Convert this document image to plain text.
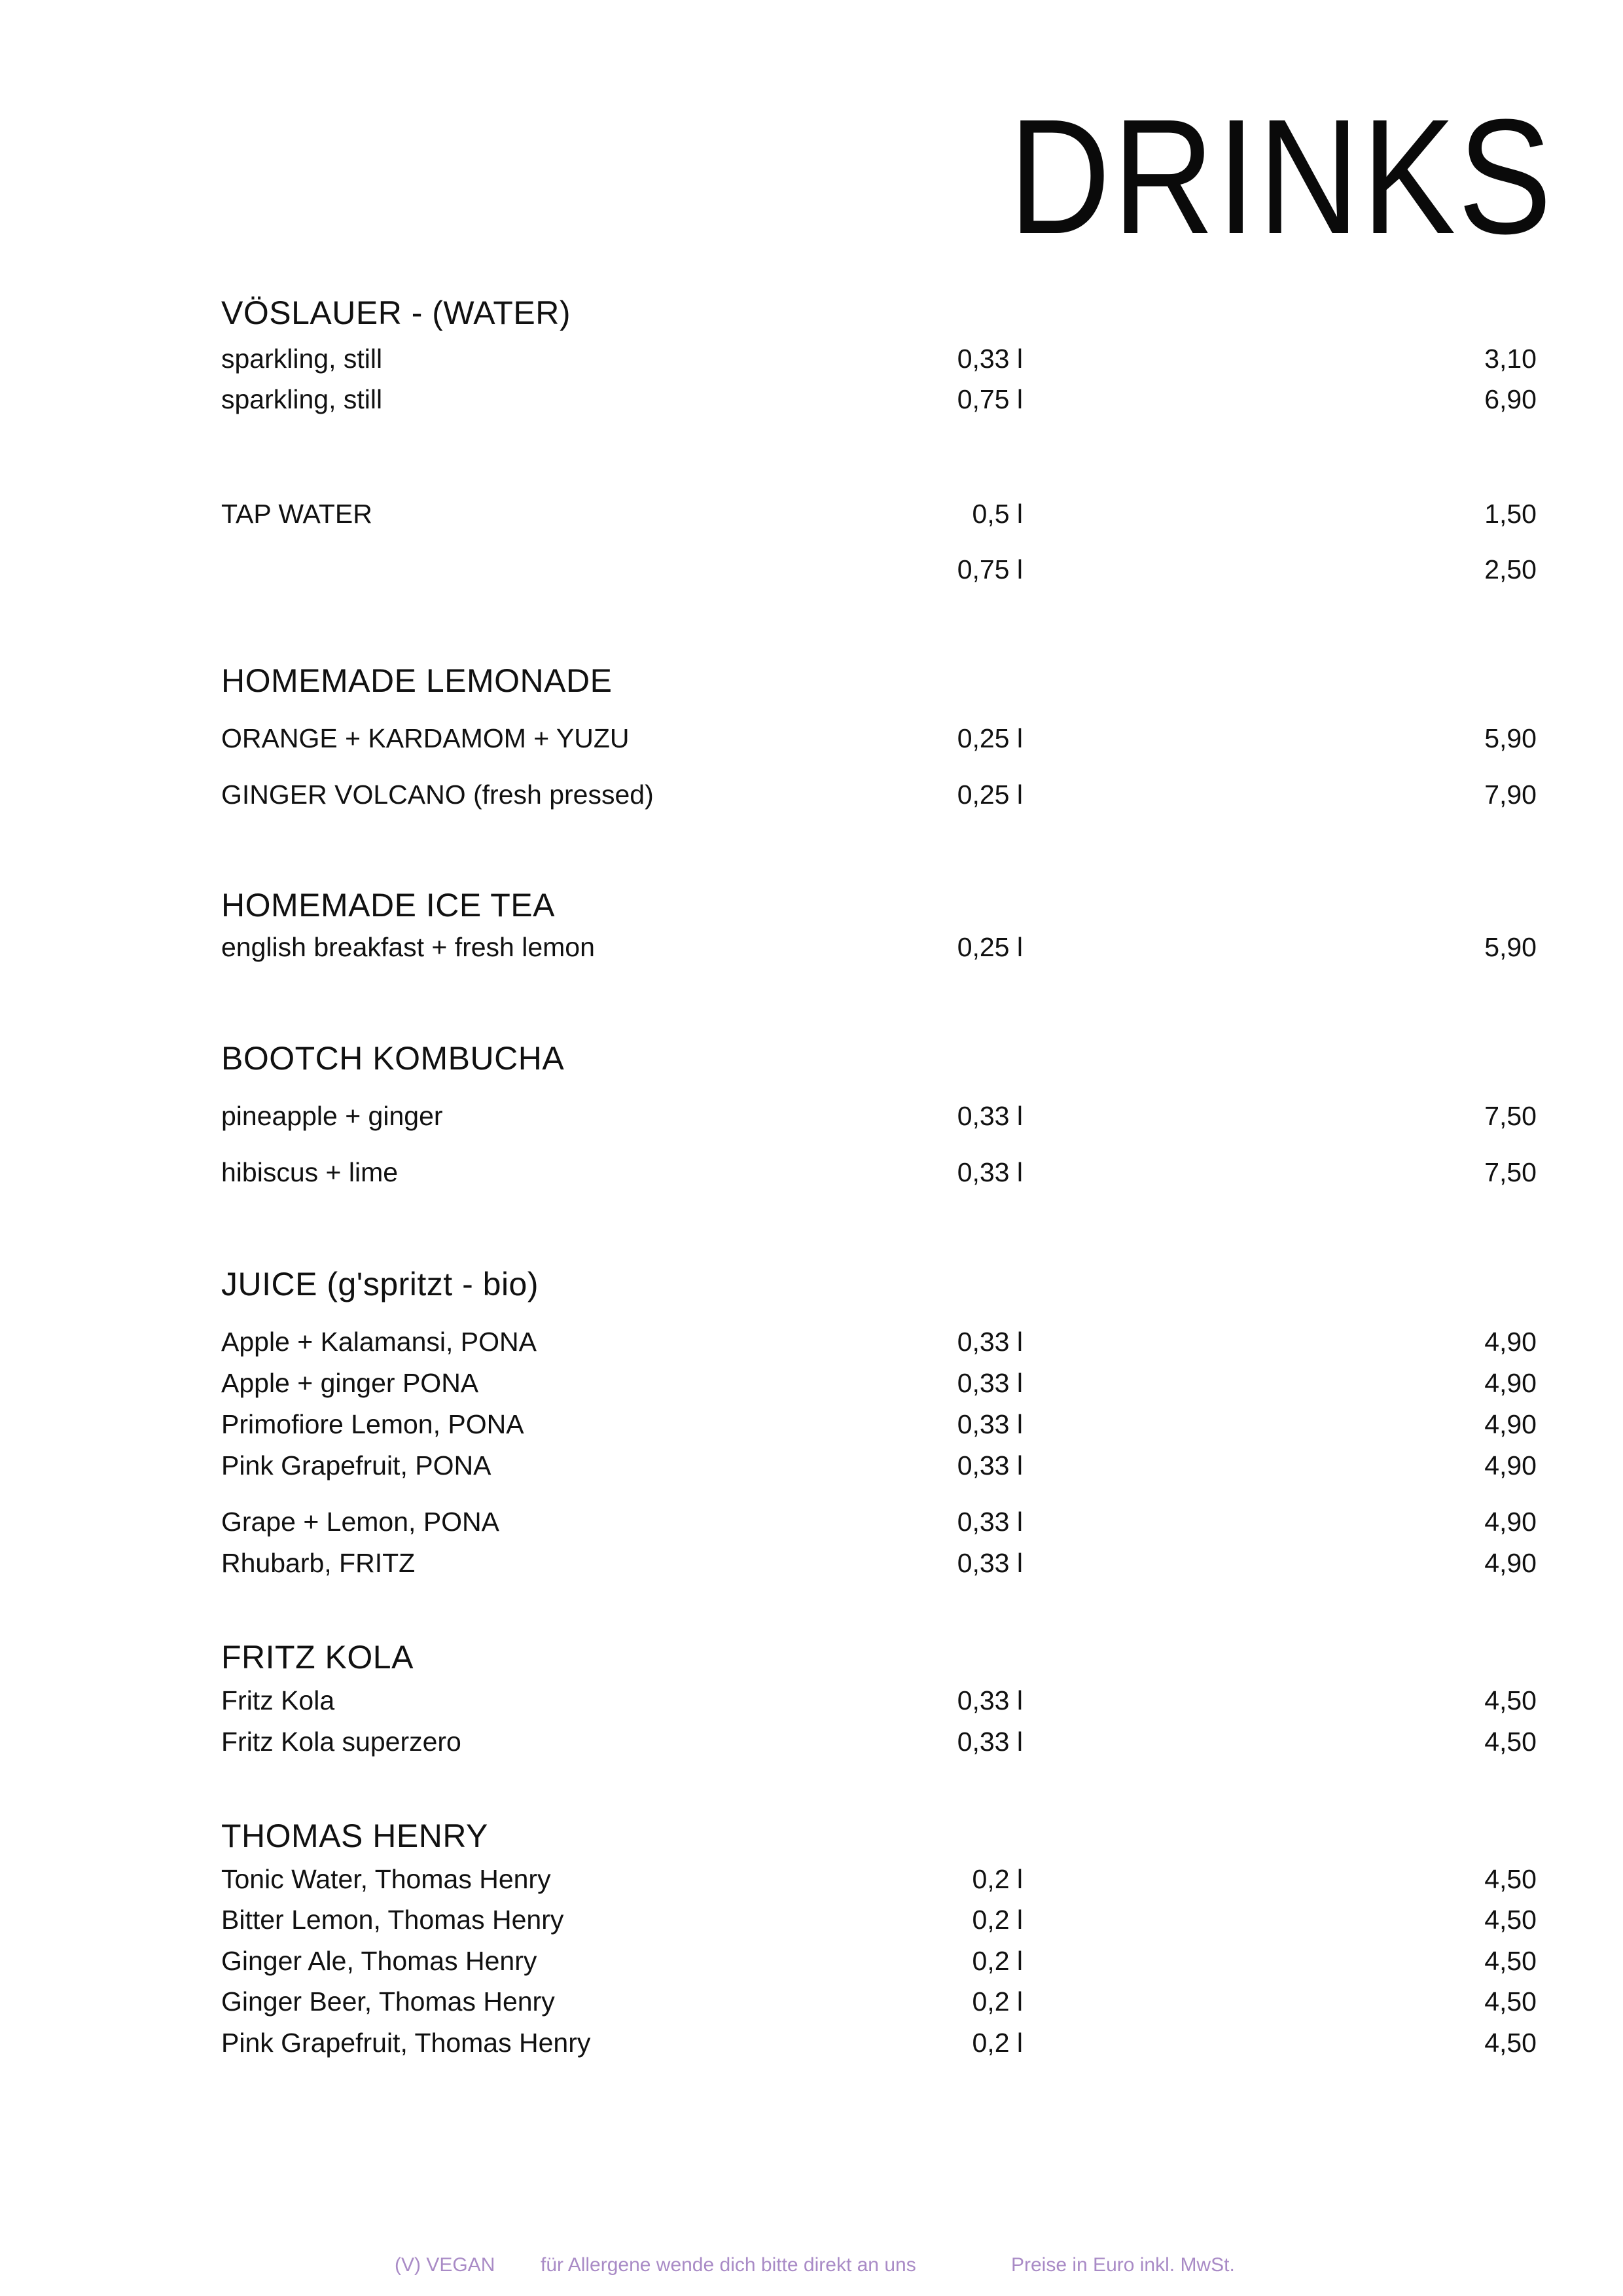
DRINKS
VÖSLAUER - (WATER)
sparkling, still	0,33 l	3,10
sparkling, still	0,75 l	6,90
TAP WATER	0,5 l	1,50
0,75 l	2,50
HOMEMADE LEMONADE
ORANGE + KARDAMOM + YUZU	0,25 l	5,90
GINGER VOLCANO (fresh pressed)	0,25 l	7,90
HOMEMADE ICE TEA
english breakfast + fresh lemon	0,25 l	5,90
BOOTCH KOMBUCHA
pineapple + ginger	0,33 l	7,50
hibiscus + lime	0,33 l	7,50
JUICE (g'spritzt - bio)
Apple + Kalamansi, PONA	0,33 l	4,90
Apple + ginger PONA	0,33 l	4,90
Primofiore Lemon, PONA	0,33 l	4,90
Pink Grapefruit, PONA	0,33 l	4,90
Grape + Lemon, PONA	0,33 l	4,90
Rhubarb, FRITZ	0,33 l	4,90
FRITZ KOLA
Fritz Kola	0,33 l	4,50
Fritz Kola superzero	0,33 l	4,50
THOMAS HENRY
Tonic Water, Thomas Henry	0,2 l	4,50
Bitter Lemon, Thomas Henry	0,2 l	4,50
Ginger Ale, Thomas Henry	0,2 l	4,50
Ginger Beer, Thomas Henry	0,2 l	4,50
Pink Grapefruit, Thomas Henry	0,2 l	4,50
(V) VEGAN für Allergene wende dich bitte direkt an uns	Preise in Euro inkl. MwSt.
